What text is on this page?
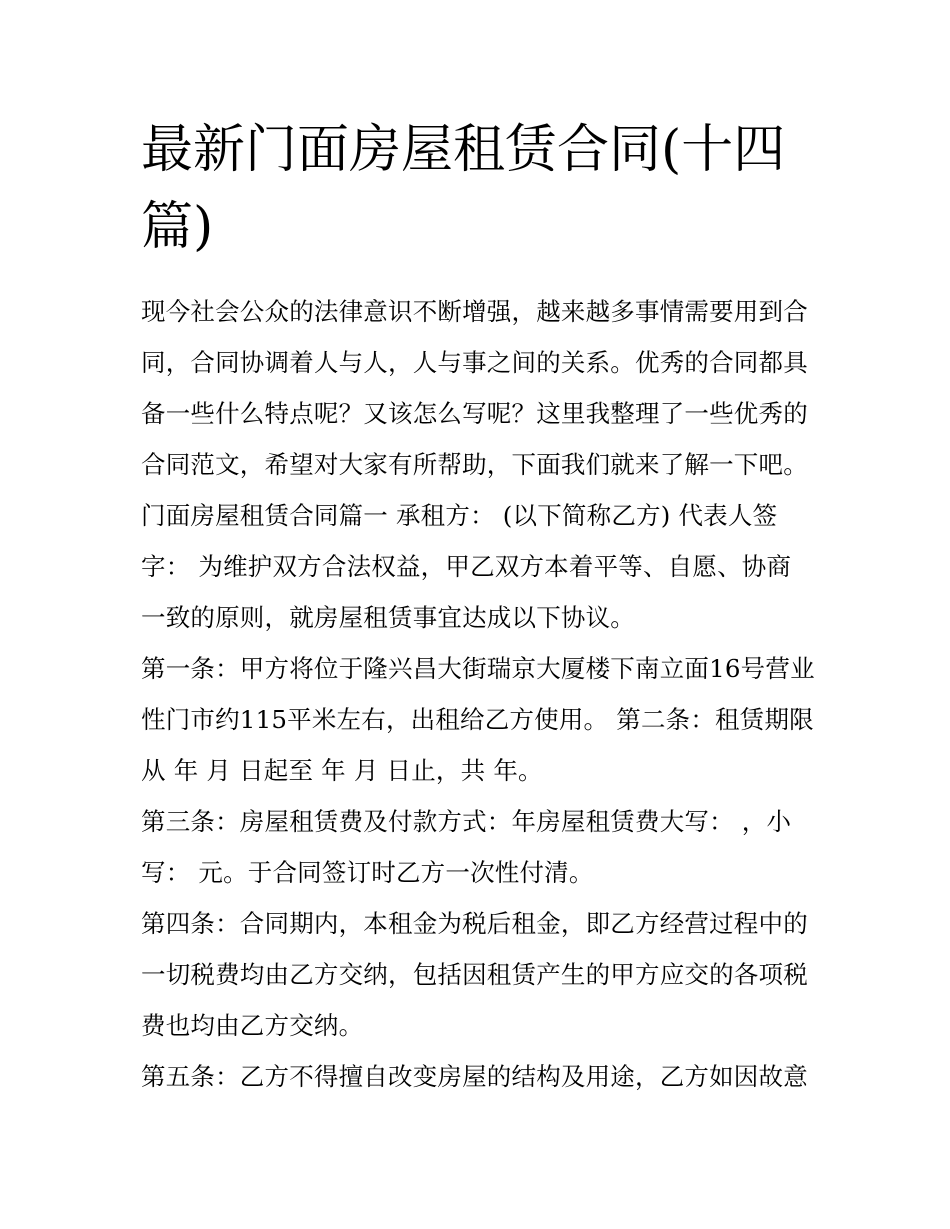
最新门面房屋租赁合同(十四篇)

现今社会公众的法律意识不断增强，越来越多事情需要用到合同，合同协调着人与人，人与事之间的关系。优秀的合同都具备一些什么特点呢？又该怎么写呢？这里我整理了一些优秀的合同范文，希望对大家有所帮助，下面我们就来了解一下吧。

门面房屋租赁合同篇一 承租方： (以下简称乙方) 代表人签字： 为维护双方合法权益，甲乙双方本着平等、自愿、协商一致的原则，就房屋租赁事宜达成以下协议。

第一条：甲方将位于隆兴昌大街瑞京大厦楼下南立面16号营业性门市约115平米左右，出租给乙方使用。 第二条：租赁期限从 年 月 日起至 年 月 日止，共 年。

第三条：房屋租赁费及付款方式：年房屋租赁费大写： ，小写： 元。于合同签订时乙方一次性付清。

第四条：合同期内，本租金为税后租金，即乙方经营过程中的一切税费均由乙方交纳，包括因租赁产生的甲方应交的各项税费也均由乙方交纳。

第五条：乙方不得擅自改变房屋的结构及用途，乙方如因故意
